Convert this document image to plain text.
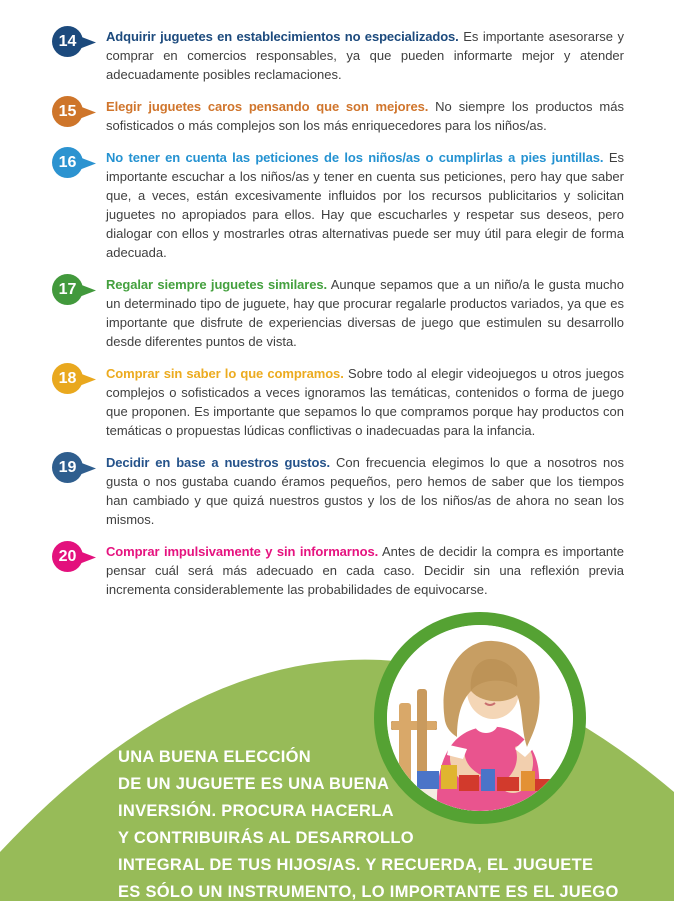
14	Adquirir juguetes en establecimientos no especializados. Es importante asesorarse y comprar en comercios responsables, ya que pueden informarte mejor y atender adecuadamente posibles reclamaciones.

15	Elegir juguetes caros pensando que son mejores. No siempre los productos más sofisticados o más complejos son los más enriquecedores para los niños/as.

16	No tener en cuenta las peticiones de los niños/as o cumplirlas a pies juntillas. Es importante escuchar a los niños/as y tener en cuenta sus peticiones, pero hay que saber que, a veces, están excesivamente influidos por los recursos publicitarios y solicitan juguetes no apropiados para ellos. Hay que escucharles y respetar sus deseos, pero dialogar con ellos y mostrarles otras alternativas puede ser muy útil para elegir de forma adecuada.

17	Regalar siempre juguetes similares. Aunque sepamos que a un niño/a le gusta mucho un determinado tipo de juguete, hay que procurar regalarle productos variados, ya que es importante que disfrute de experiencias diversas de juego que estimulen su desarrollo desde diferentes puntos de vista.

18	Comprar sin saber lo que compramos. Sobre todo al elegir videojuegos u otros juegos complejos o sofisticados a veces ignoramos las temáticas, contenidos o forma de juego que proponen. Es importante que sepamos lo que compramos porque hay productos con temáticas o propuestas lúdicas conflictivas o inadecuadas para la infancia.

19	Decidir en base a nuestros gustos. Con frecuencia elegimos lo que a nosotros nos gusta o nos gustaba cuando éramos pequeños, pero hemos de saber que los tiempos han cambiado y que quizá nuestros gustos y los de los niños/as de ahora no sean los mismos.

20	Comprar impulsivamente y sin informarnos. Antes de decidir la compra es importante pensar cuál será más adecuado en cada caso. Decidir sin una reflexión previa incrementa considerablemente las probabilidades de equivocarse.

UNA BUENA ELECCIÓN
DE UN JUGUETE ES UNA BUENA
INVERSIÓN. PROCURA HACERLA
Y CONTRIBUIRÁS AL DESARROLLO
INTEGRAL DE TUS HIJOS/AS. Y RECUERDA, EL JUGUETE
ES SÓLO UN INSTRUMENTO, LO IMPORTANTE ES EL JUEGO
